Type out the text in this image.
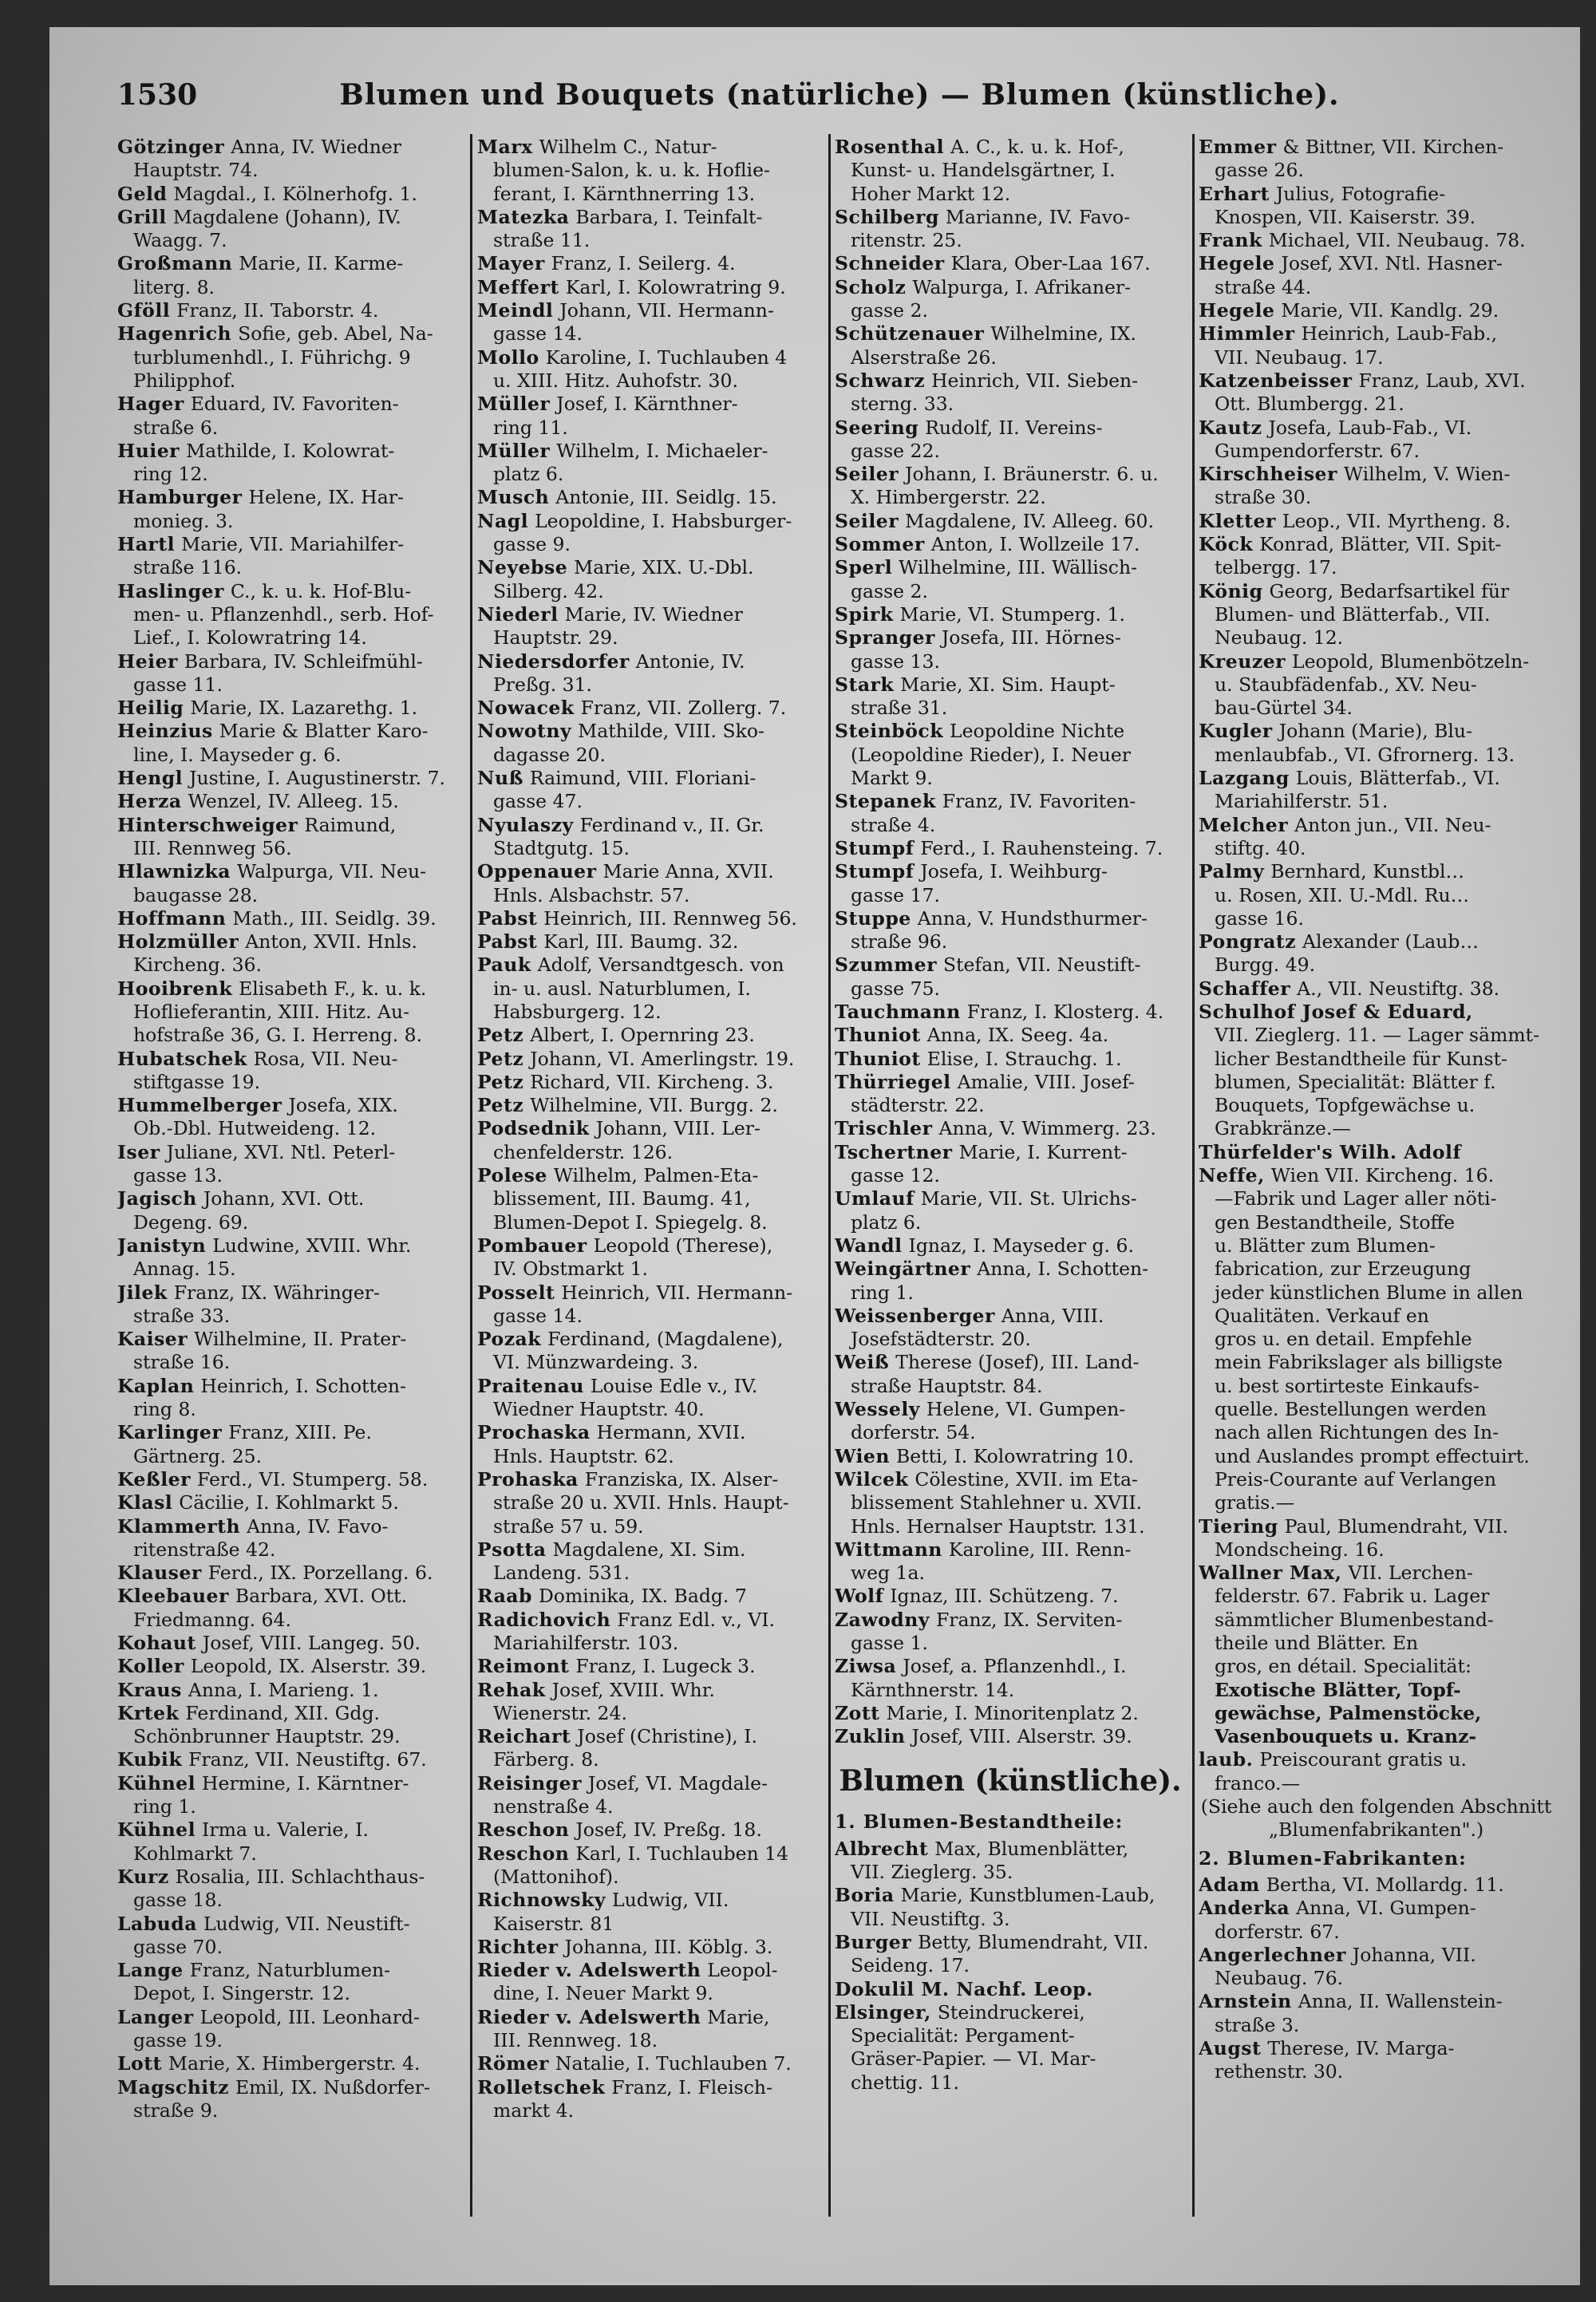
1530	Blumen und Bouquets (natürliche) — Blumen (künstliche).
Götzinger Anna, IV. Wiedner
Hauptstr. 74.
Geld Magdal., I. Kölnerhofg. 1.
Grill Magdalene (Johann), IV.
Waagg. 7.
Großmann Marie, II. Karme-
literg. 8.
Gföll Franz, II. Taborstr. 4.
Hagenrich Sofie, geb. Abel, Na-
turblumenhdl., I. Führichg. 9
Philipphof.
Hager Eduard, IV. Favoriten-
straße 6.
Huier Mathilde, I. Kolowrat-
ring 12.
Hamburger Helene, IX. Har-
monieg. 3.
Hartl Marie, VII. Mariahilfer-
straße 116.
Haslinger C., k. u. k. Hof-Blu-
men- u. Pflanzenhdl., serb. Hof-
Lief., I. Kolowratring 14.
Heier Barbara, IV. Schleifmühl-
gasse 11.
Heilig Marie, IX. Lazarethg. 1.
Heinzius Marie & Blatter Karo-
line, I. Mayseder g. 6.
Hengl Justine, I. Augustinerstr. 7.
Herza Wenzel, IV. Alleeg. 15.
Hinterschweiger Raimund,
III. Rennweg 56.
Hlawnizka Walpurga, VII. Neu-
baugasse 28.
Hoffmann Math., III. Seidlg. 39.
Holzmüller Anton, XVII. Hnls.
Kircheng. 36.
Hooibrenk Elisabeth F., k. u. k.
Hoflieferantin, XIII. Hitz. Au-
hofstraße 36, G. I. Herreng. 8.
Hubatschek Rosa, VII. Neu-
stiftgasse 19.
Hummelberger Josefa, XIX.
Ob.-Dbl. Hutweideng. 12.
Iser Juliane, XVI. Ntl. Peterl-
gasse 13.
Jagisch Johann, XVI. Ott.
Degeng. 69.
Janistyn Ludwine, XVIII. Whr.
Annag. 15.
Jilek Franz, IX. Währinger-
straße 33.
Kaiser Wilhelmine, II. Prater-
straße 16.
Kaplan Heinrich, I. Schotten-
ring 8.
Karlinger Franz, XIII. Pe.
Gärtnerg. 25.
Keßler Ferd., VI. Stumperg. 58.
Klasl Cäcilie, I. Kohlmarkt 5.
Klammerth Anna, IV. Favo-
ritenstraße 42.
Klauser Ferd., IX. Porzellang. 6.
Kleebauer Barbara, XVI. Ott.
Friedmanng. 64.
Kohaut Josef, VIII. Langeg. 50.
Koller Leopold, IX. Alserstr. 39.
Kraus Anna, I. Marieng. 1.
Krtek Ferdinand, XII. Gdg.
Schönbrunner Hauptstr. 29.
Kubik Franz, VII. Neustiftg. 67.
Kühnel Hermine, I. Kärntner-
ring 1.
Kühnel Irma u. Valerie, I.
Kohlmarkt 7.
Kurz Rosalia, III. Schlachthaus-
gasse 18.
Labuda Ludwig, VII. Neustift-
gasse 70.
Lange Franz, Naturblumen-
Depot, I. Singerstr. 12.
Langer Leopold, III. Leonhard-
gasse 19.
Lott Marie, X. Himbergerstr. 4.
Magschitz Emil, IX. Nußdorfer-
straße 9.
Marx Wilhelm C., Natur-
blumen-Salon, k. u. k. Hoflie-
ferant, I. Kärnthnerring 13.
Matezka Barbara, I. Teinfalt-
straße 11.
Mayer Franz, I. Seilerg. 4.
Meffert Karl, I. Kolowratring 9.
Meindl Johann, VII. Hermann-
gasse 14.
Mollo Karoline, I. Tuchlauben 4
u. XIII. Hitz. Auhofstr. 30.
Müller Josef, I. Kärnthner-
ring 11.
Müller Wilhelm, I. Michaeler-
platz 6.
Musch Antonie, III. Seidlg. 15.
Nagl Leopoldine, I. Habsburger-
gasse 9.
Neyebse Marie, XIX. U.-Dbl.
Silberg. 42.
Niederl Marie, IV. Wiedner
Hauptstr. 29.
Niedersdorfer Antonie, IV.
Preßg. 31.
Nowacek Franz, VII. Zollerg. 7.
Nowotny Mathilde, VIII. Sko-
dagasse 20.
Nuß Raimund, VIII. Floriani-
gasse 47.
Nyulaszy Ferdinand v., II. Gr.
Stadtgutg. 15.
Oppenauer Marie Anna, XVII.
Hnls. Alsbachstr. 57.
Pabst Heinrich, III. Rennweg 56.
Pabst Karl, III. Baumg. 32.
Pauk Adolf, Versandtgesch. von
in- u. ausl. Naturblumen, I.
Habsburgerg. 12.
Petz Albert, I. Opernring 23.
Petz Johann, VI. Amerlingstr. 19.
Petz Richard, VII. Kircheng. 3.
Petz Wilhelmine, VII. Burgg. 2.
Podsednik Johann, VIII. Ler-
chenfelderstr. 126.
Polese Wilhelm, Palmen-Eta-
blissement, III. Baumg. 41,
Blumen-Depot I. Spiegelg. 8.
Pombauer Leopold (Therese),
IV. Obstmarkt 1.
Posselt Heinrich, VII. Hermann-
gasse 14.
Pozak Ferdinand, (Magdalene),
VI. Münzwardeing. 3.
Praitenau Louise Edle v., IV.
Wiedner Hauptstr. 40.
Prochaska Hermann, XVII.
Hnls. Hauptstr. 62.
Prohaska Franziska, IX. Alser-
straße 20 u. XVII. Hnls. Haupt-
straße 57 u. 59.
Psotta Magdalene, XI. Sim.
Landeng. 531.
Raab Dominika, IX. Badg. 7
Radichovich Franz Edl. v., VI.
Mariahilferstr. 103.
Reimont Franz, I. Lugeck 3.
Rehak Josef, XVIII. Whr.
Wienerstr. 24.
Reichart Josef (Christine), I.
Färberg. 8.
Reisinger Josef, VI. Magdale-
nenstraße 4.
Reschon Josef, IV. Preßg. 18.
Reschon Karl, I. Tuchlauben 14
(Mattonihof).
Richnowsky Ludwig, VII.
Kaiserstr. 81
Richter Johanna, III. Köblg. 3.
Rieder v. Adelswerth Leopol-
dine, I. Neuer Markt 9.
Rieder v. Adelswerth Marie,
III. Rennweg. 18.
Römer Natalie, I. Tuchlauben 7.
Rolletschek Franz, I. Fleisch-
markt 4.
Rosenthal A. C., k. u. k. Hof-,
Kunst- u. Handelsgärtner, I.
Hoher Markt 12.
Schilberg Marianne, IV. Favo-
ritenstr. 25.
Schneider Klara, Ober-Laa 167.
Scholz Walpurga, I. Afrikaner-
gasse 2.
Schützenauer Wilhelmine, IX.
Alserstraße 26.
Schwarz Heinrich, VII. Sieben-
sterng. 33.
Seering Rudolf, II. Vereins-
gasse 22.
Seiler Johann, I. Bräunerstr. 6. u.
X. Himbergerstr. 22.
Seiler Magdalene, IV. Alleeg. 60.
Sommer Anton, I. Wollzeile 17.
Sperl Wilhelmine, III. Wällisch-
gasse 2.
Spirk Marie, VI. Stumperg. 1.
Spranger Josefa, III. Hörnes-
gasse 13.
Stark Marie, XI. Sim. Haupt-
straße 31.
Steinböck Leopoldine Nichte
(Leopoldine Rieder), I. Neuer
Markt 9.
Stepanek Franz, IV. Favoriten-
straße 4.
Stumpf Ferd., I. Rauhensteing. 7.
Stumpf Josefa, I. Weihburg-
gasse 17.
Stuppe Anna, V. Hundsthurmer-
straße 96.
Szummer Stefan, VII. Neustift-
gasse 75.
Tauchmann Franz, I. Klosterg. 4.
Thuniot Anna, IX. Seeg. 4a.
Thuniot Elise, I. Strauchg. 1.
Thürriegel Amalie, VIII. Josef-
städterstr. 22.
Trischler Anna, V. Wimmerg. 23.
Tschertner Marie, I. Kurrent-
gasse 12.
Umlauf Marie, VII. St. Ulrichs-
platz 6.
Wandl Ignaz, I. Mayseder g. 6.
Weingärtner Anna, I. Schotten-
ring 1.
Weissenberger Anna, VIII.
Josefstädterstr. 20.
Weiß Therese (Josef), III. Land-
straße Hauptstr. 84.
Wessely Helene, VI. Gumpen-
dorferstr. 54.
Wien Betti, I. Kolowratring 10.
Wilcek Cölestine, XVII. im Eta-
blissement Stahlehner u. XVII.
Hnls. Hernalser Hauptstr. 131.
Wittmann Karoline, III. Renn-
weg 1a.
Wolf Ignaz, III. Schützeng. 7.
Zawodny Franz, IX. Serviten-
gasse 1.
Ziwsa Josef, a. Pflanzenhdl., I.
Kärnthnerstr. 14.
Zott Marie, I. Minoritenplatz 2.
Zuklin Josef, VIII. Alserstr. 39.
Blumen (künstliche).
1. Blumen-Bestandtheile:
Albrecht Max, Blumenblätter,
VII. Zieglerg. 35.
Boria Marie, Kunstblumen-Laub,
VII. Neustiftg. 3.
Burger Betty, Blumendraht, VII.
Seideng. 17.
Dokulil M. Nachf. Leop.
Elsinger, Steindruckerei,
Specialität: Pergament-
Gräser-Papier. — VI. Mar-
chettig. 11.
Emmer & Bittner, VII. Kirchen-
gasse 26.
Erhart Julius, Fotografie-
Knospen, VII. Kaiserstr. 39.
Frank Michael, VII. Neubaug. 78.
Hegele Josef, XVI. Ntl. Hasner-
straße 44.
Hegele Marie, VII. Kandlg. 29.
Himmler Heinrich, Laub-Fab.,
VII. Neubaug. 17.
Katzenbeisser Franz, Laub, XVI.
Ott. Blumbergg. 21.
Kautz Josefa, Laub-Fab., VI.
Gumpendorferstr. 67.
Kirschheiser Wilhelm, V. Wien-
straße 30.
Kletter Leop., VII. Myrtheng. 8.
Köck Konrad, Blätter, VII. Spit-
telbergg. 17.
König Georg, Bedarfsartikel für
Blumen- und Blätterfab., VII.
Neubaug. 12.
Kreuzer Leopold, Blumenbötzeln-
u. Staubfädenfab., XV. Neu-
bau-Gürtel 34.
Kugler Johann (Marie), Blu-
menlaubfab., VI. Gfrornerg. 13.
Lazgang Louis, Blätterfab., VI.
Mariahilferstr. 51.
Melcher Anton jun., VII. Neu-
stiftg. 40.
Palmy Bernhard, Kunstbl…
u. Rosen, XII. U.-Mdl. Ru…
gasse 16.
Pongratz Alexander (Laub…
Burgg. 49.
Schaffer A., VII. Neustiftg. 38.
Schulhof Josef & Eduard,
VII. Zieglerg. 11. — Lager sämmt-
licher Bestandtheile für Kunst-
blumen, Specialität: Blätter f.
Bouquets, Topfgewächse u.
Grabkränze.—
Thürfelder's Wilh. Adolf
Neffe, Wien VII. Kircheng. 16.
—Fabrik und Lager aller nöti-
gen Bestandtheile, Stoffe
u. Blätter zum Blumen-
fabrication, zur Erzeugung
jeder künstlichen Blume in allen
Qualitäten. Verkauf en
gros u. en detail. Empfehle
mein Fabrikslager als billigste
u. best sortirteste Einkaufs-
quelle. Bestellungen werden
nach allen Richtungen des In-
und Auslandes prompt effectuirt.
Preis-Courante auf Verlangen
gratis.—
Tiering Paul, Blumendraht, VII.
Mondscheing. 16.
Wallner Max, VII. Lerchen-
felderstr. 67. Fabrik u. Lager
sämmtlicher Blumenbestand-
theile und Blätter. En
gros, en détail. Specialität:
Exotische Blätter, Topf-
gewächse, Palmenstöcke,
Vasenbouquets u. Kranz-
laub. Preiscourant gratis u.
franco.—
(Siehe auch den folgenden Abschnitt
„Blumenfabrikanten".)
2. Blumen-Fabrikanten:
Adam Bertha, VI. Mollardg. 11.
Anderka Anna, VI. Gumpen-
dorferstr. 67.
Angerlechner Johanna, VII.
Neubaug. 76.
Arnstein Anna, II. Wallenstein-
straße 3.
Augst Therese, IV. Marga-
rethenstr. 30.
